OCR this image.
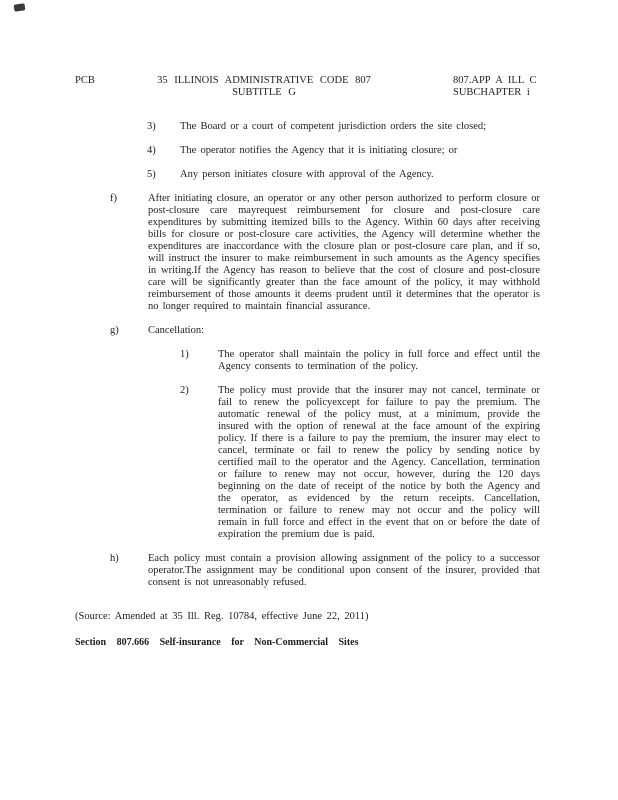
PCB	35 ILLINOIS ADMINISTRATIVE CODE 807
SUBTITLE G
807.APP A ILL C
SUBCHAPTER i
3)	The Board or a court of competent jurisdiction orders the site closed;
4)	The operator notifies the Agency that it is initiating closure; or
5)	Any person initiates closure with approval of the Agency.
f)	After initiating closure, an operator or any other person authorized to perform closure or post-closure care mayrequest reimbursement for closure and post-closure care expenditures by submitting itemized bills to the Agency. Within 60 days after receiving bills for closure or post-closure care activities, the Agency will determine whether the expenditures are inaccordance with the closure plan or post-closure care plan, and if so, will instruct the insurer to make reimbursement in such amounts as the Agency specifies in writing.If the Agency has reason to believe that the cost of closure and post-closure care will be significantly greater than the face amount of the policy, it may withhold reimbursement of those amounts it deems prudent until it determines that the operator is no longer required to maintain financial assurance.
g)	Cancellation:
1)	The operator shall maintain the policy in full force and effect until the Agency consents to termination of the policy.
2)	The policy must provide that the insurer may not cancel, terminate or fail to renew the policyexcept for failure to pay the premium. The automatic renewal of the policy must, at a minimum, provide the insured with the option of renewal at the face amount of the expiring policy. If there is a failure to pay the premium, the insurer may elect to cancel, terminate or fail to renew the policy by sending notice by certified mail to the operator and the Agency. Cancellation, termination or failure to renew may not occur, however, during the 120 days beginning on the date of receipt of the notice by both the Agency and the operator, as evidenced by the return receipts. Cancellation, termination or failure to renew may not occur and the policy will remain in full force and effect in the event that on or before the date of expiration the premium due is paid.
h)	Each policy must contain a provision allowing assignment of the policy to a successor operator.The assignment may be conditional upon consent of the insurer, provided that consent is not unreasonably refused.
(Source: Amended at 35 Ill. Reg. 10784, effective June 22, 2011)
Section 807.666 Self-insurance for Non-Commercial Sites
